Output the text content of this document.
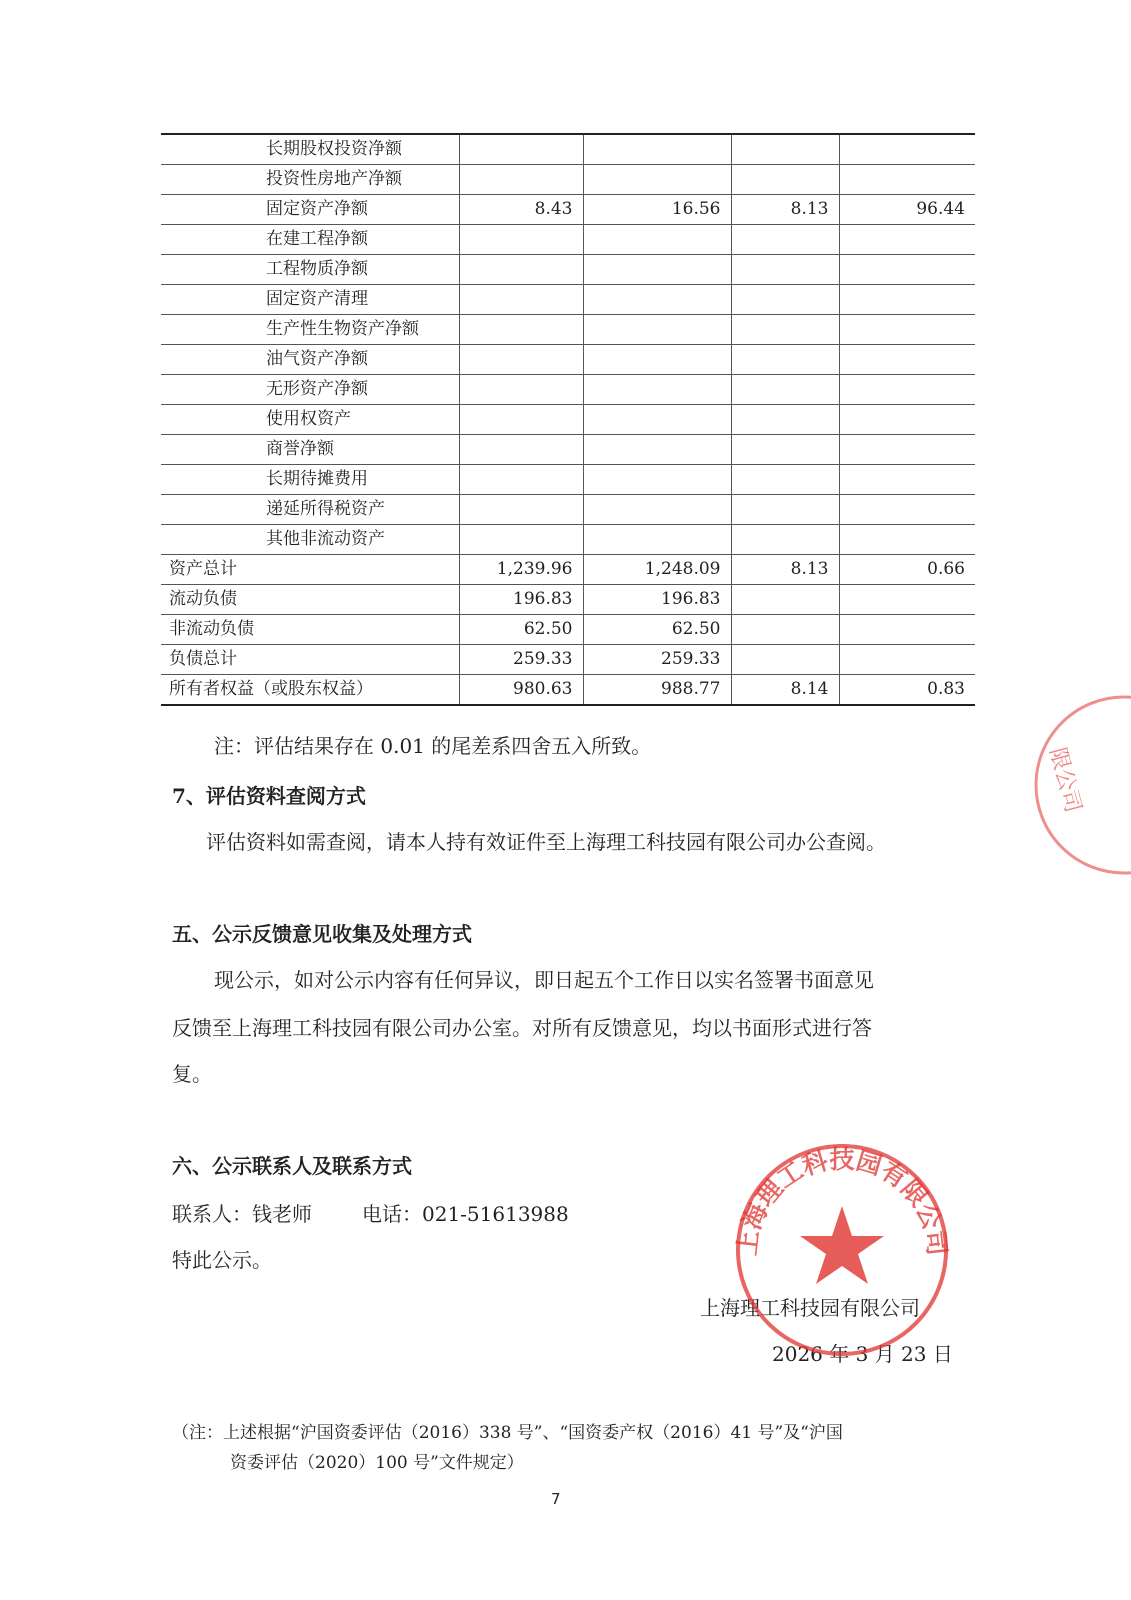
长期股权投资净额				
投资性房地产净额				
固定资产净额	8.43	16.56	8.13	96.44
在建工程净额				
工程物质净额				
固定资产清理				
生产性生物资产净额				
油气资产净额				
无形资产净额				
使用权资产				
商誉净额				
长期待摊费用				
递延所得税资产				
其他非流动资产				
资产总计	1,239.96	1,248.09	8.13	0.66
流动负债	196.83	196.83		
非流动负债	62.50	62.50		
负债总计	259.33	259.33		
所有者权益（或股东权益）	980.63	988.77	8.14	0.83
注：评估结果存在 0.01 的尾差系四舍五入所致。
7、评估资料查阅方式
评估资料如需查阅，请本人持有效证件至上海理工科技园有限公司办公查阅。
五、公示反馈意见收集及处理方式
现公示，如对公示内容有任何异议，即日起五个工作日以实名签署书面意见
反馈至上海理工科技园有限公司办公室。对所有反馈意见，均以书面形式进行答
复。
六、公示联系人及联系方式
联系人：钱老师	电话：021-51613988
特此公示。
上海理工科技园有限公司
2026 年 3 月 23 日
上海理工科技园有限公司
限公司
（注：上述根据“沪国资委评估（2016）338 号”、“国资委产权（2016）41 号”及“沪国
资委评估（2020）100 号”文件规定）
7
